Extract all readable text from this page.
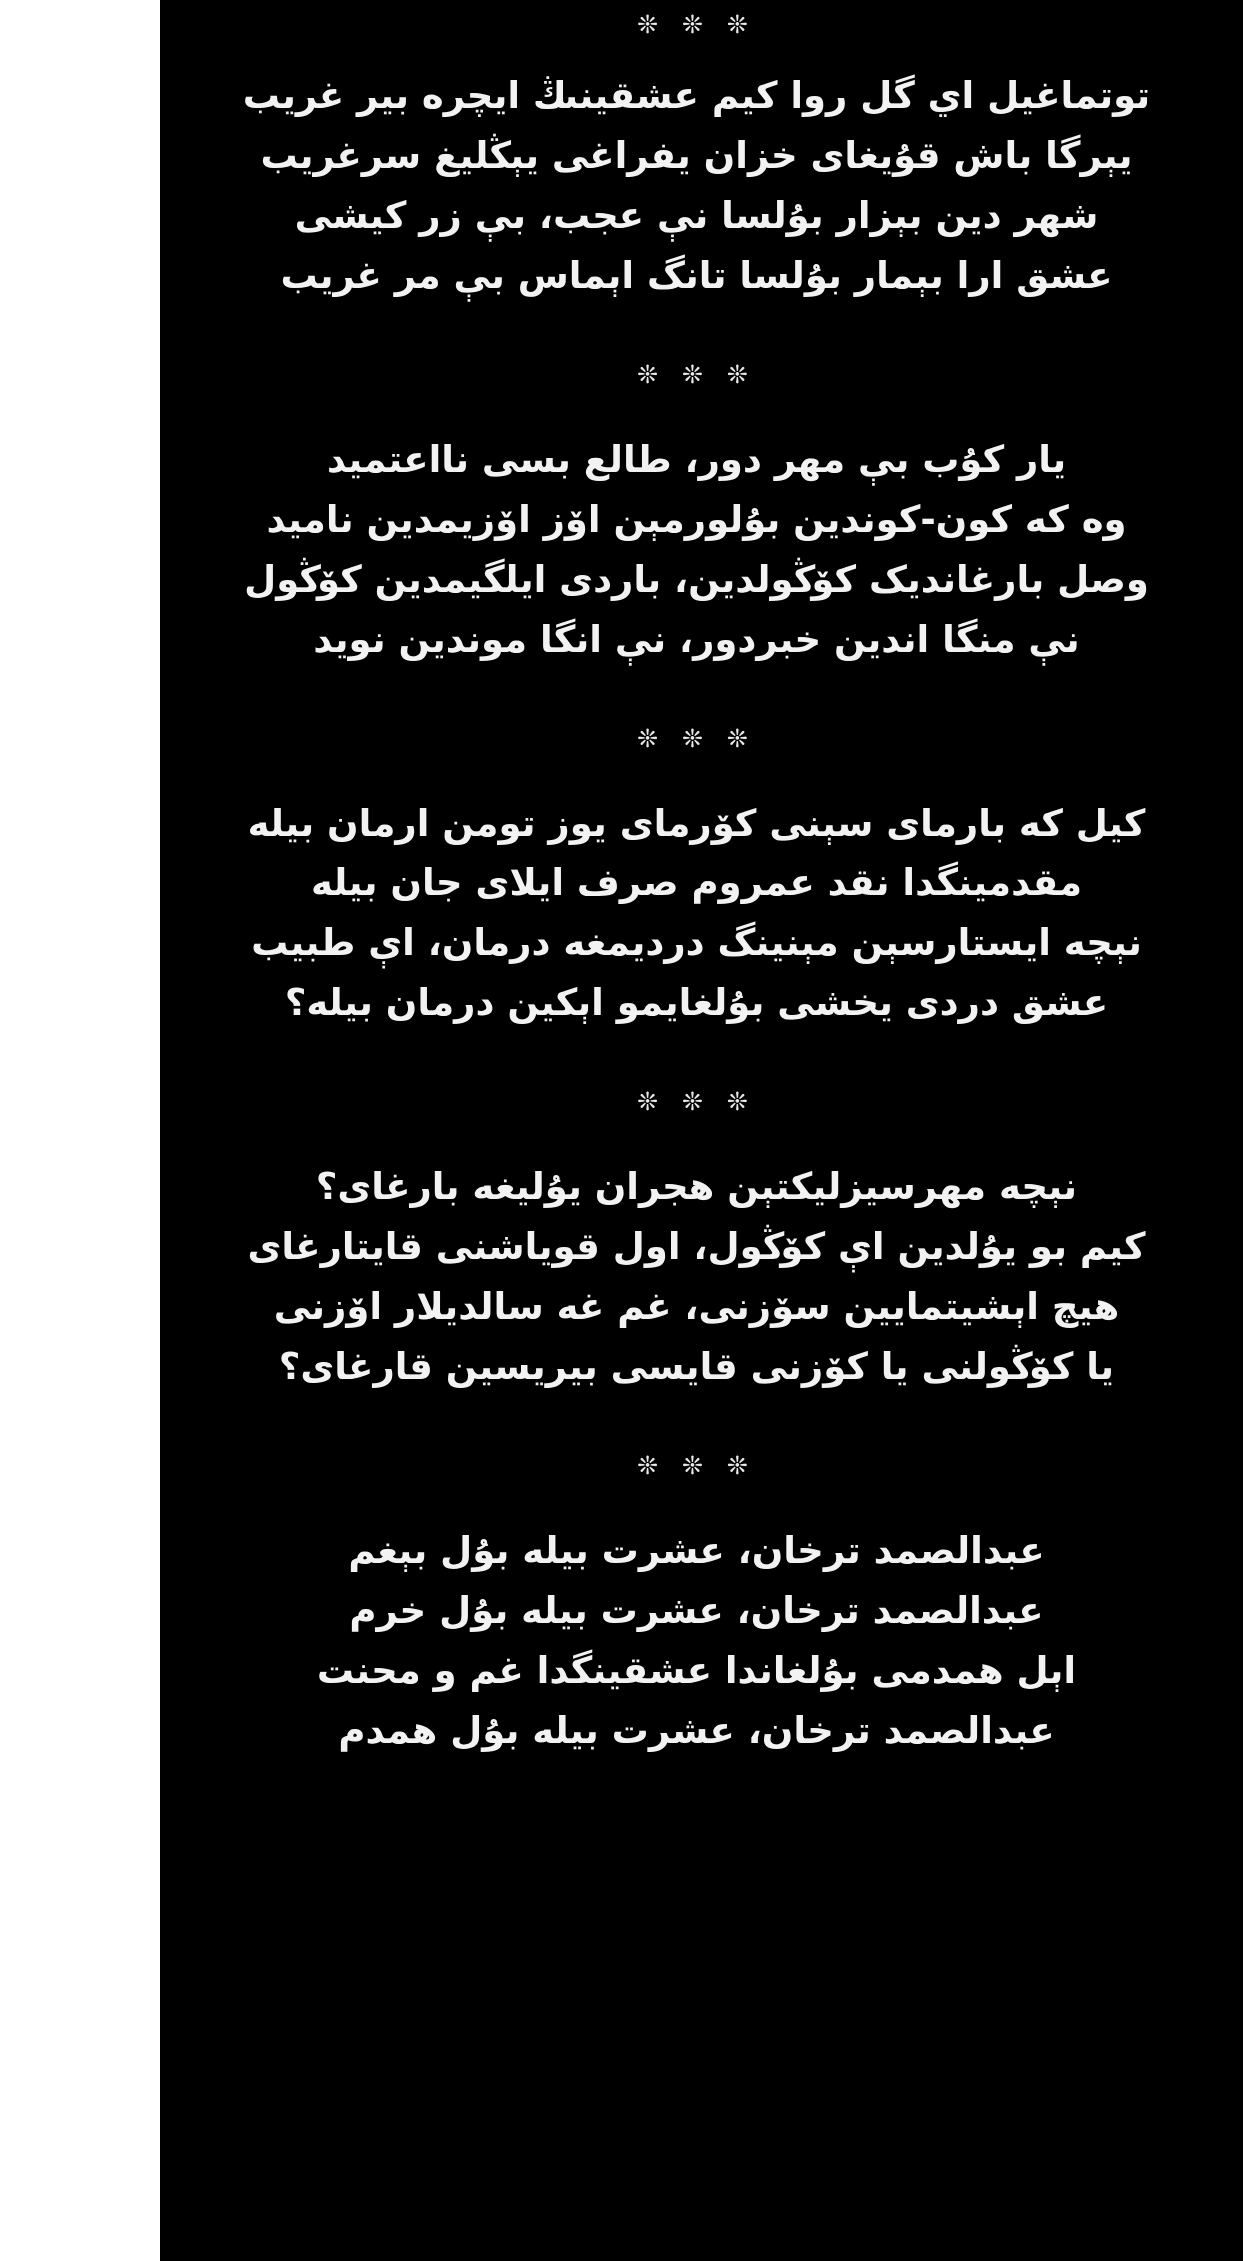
❊ ❊ ❊
توتماغیل اي گل روا كيم عشقينىڭ ايچره بیر غریب
یېرگا باش قۇیغای خزان یفراغی یېڭليغ سرغریب
شهر دین بېزار بۇلسا نې عجب، بې زر كیشى
عشق ارا بېمار بۇلسا تانگ اېماس بې مر غریب
❊ ❊ ❊
یار كۇب بې مهر دور، طالع بسى نااعتمید
وه كه كون-كوندين بۇلورمېن اۆز اۆزیمدین نامید
وصل بارغاندیک كۆڭولدین، باردی ایلگیمدین كۆڭول
نې منگا اندین خبردور، نې انگا موندین نوید
❊ ❊ ❊
كیل كه بارمای سېنى كۆرمای یوز تومن ارمان بیله
مقدمینگدا نقد عمروم صرف ایلای جان بیله
نېچه ایستارسېن مېنينگ دردیمغه درمان، اې طبیب
عشق دردی یخشى بۇلغایمو اېكین درمان بیله؟
❊ ❊ ❊
نېچه مهرسیزلیکتېن هجران یۇلیغه بارغای؟
كیم بو یۇلدین اې كۆڭول، اول قویاشنى قایتارغای
هیچ اېشیتمایین سۆزنى، غم غه سالدیلار اۆزنى
یا كۆڭولنى یا كۆزنى قایسى بیریسین قارغای؟
❊ ❊ ❊
عبدالصمد ترخان، عشرت بیله بۇل بېغم
عبدالصمد ترخان، عشرت بیله بۇل خرم
اېل همدمى بۇلغاندا عشقینگدا غم و محنت
عبدالصمد ترخان، عشرت بیله بۇل همدم
